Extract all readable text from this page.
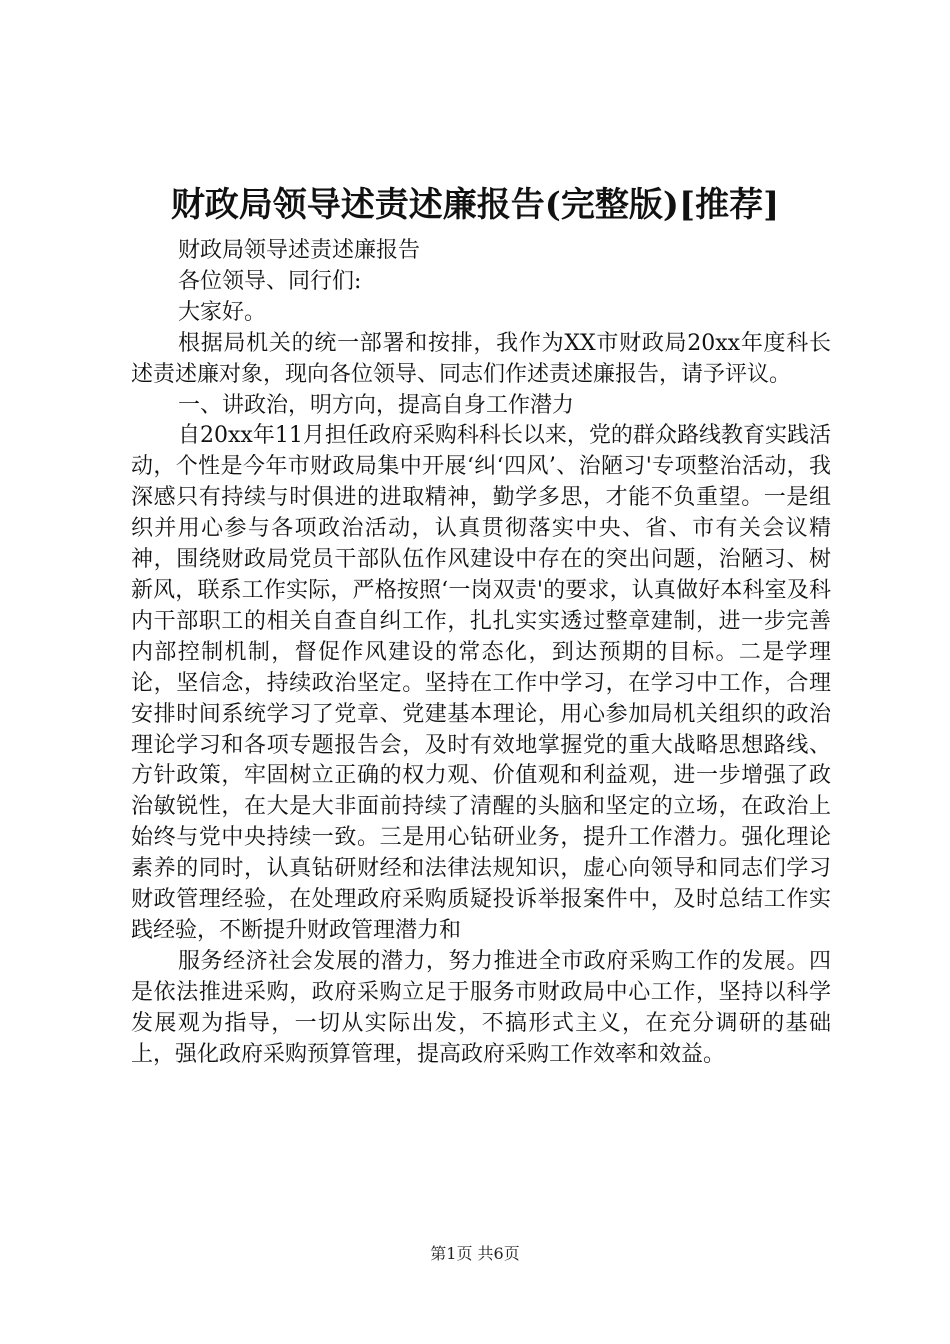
财政局领导述责述廉报告(完整版)[推荐]

财政局领导述责述廉报告

各位领导、同行们:

大家好。

根据局机关的统一部署和按排，我作为XX市财政局20xx年度科长述责述廉对象，现向各位领导、同志们作述责述廉报告，请予评议。

一、讲政治，明方向，提高自身工作潜力

自20xx年11月担任政府采购科科长以来，党的群众路线教育实践活动，个性是今年市财政局集中开展‘纠‘四风’、治陋习'专项整治活动，我深感只有持续与时俱进的进取精神，勤学多思，才能不负重望。一是组织并用心参与各项政治活动，认真贯彻落实中央、省、市有关会议精神，围绕财政局党员干部队伍作风建设中存在的突出问题，治陋习、树新风，联系工作实际，严格按照‘一岗双责'的要求，认真做好本科室及科内干部职工的相关自查自纠工作，扎扎实实透过整章建制，进一步完善内部控制机制，督促作风建设的常态化，到达预期的目标。二是学理论，坚信念，持续政治坚定。坚持在工作中学习，在学习中工作，合理安排时间系统学习了党章、党建基本理论，用心参加局机关组织的政治理论学习和各项专题报告会，及时有效地掌握党的重大战略思想路线、方针政策，牢固树立正确的权力观、价值观和利益观，进一步增强了政治敏锐性，在大是大非面前持续了清醒的头脑和坚定的立场，在政治上始终与党中央持续一致。三是用心钻研业务，提升工作潜力。强化理论素养的同时，认真钻研财经和法律法规知识，虚心向领导和同志们学习财政管理经验，在处理政府采购质疑投诉举报案件中，及时总结工作实践经验，不断提升财政管理潜力和

服务经济社会发展的潜力，努力推进全市政府采购工作的发展。四是依法推进采购，政府采购立足于服务市财政局中心工作，坚持以科学发展观为指导，一切从实际出发，不搞形式主义，在充分调研的基础上，强化政府采购预算管理，提高政府采购工作效率和效益。

第1页 共6页
